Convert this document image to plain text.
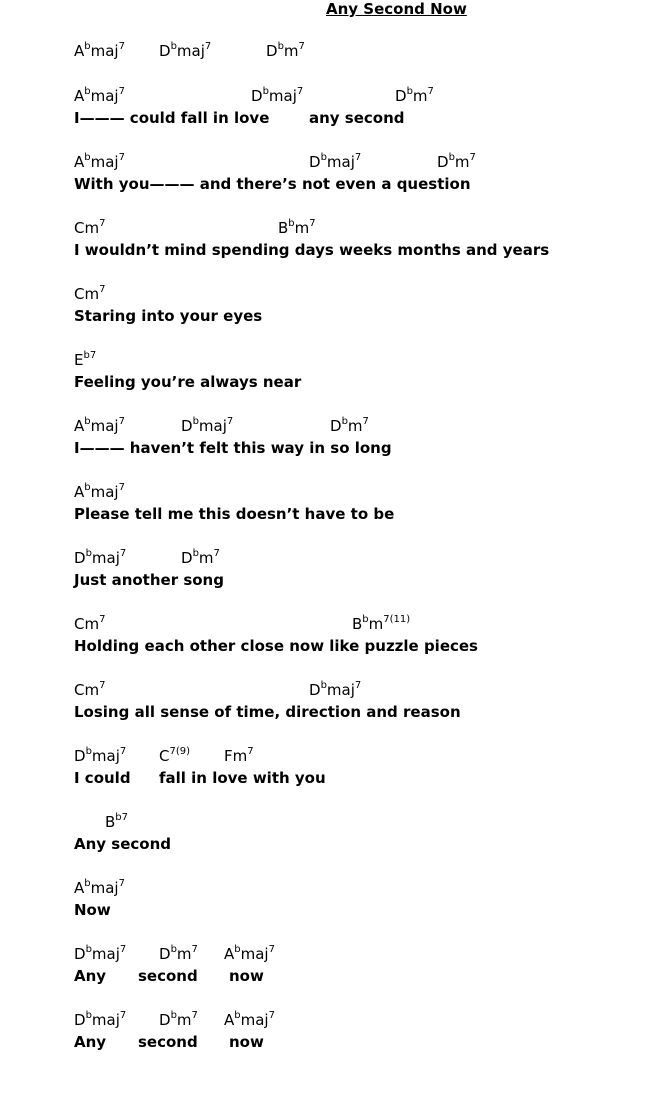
Any Second Now
$A^bmaj^7$ $D^bmaj^7$	$D^bm^7$
$A^bmaj^7$	$D^bmaj^7$	$D^bm^7$
I——— could fall in love	any second
$A^bmaj^7$	$D^bmaj^7$	$D^bm^7$
With you——— and there’s not even a question
Cm$^7$	$B^bm^7$
I wouldn’t mind spending days weeks months and years
Cm$^7$
Staring into your eyes
$E^{b7}$
Feeling you’re always near
$A^bmaj^7$	$D^bmaj^7$	$D^bm^7$
I——— haven’t felt this way in so long
$A^bmaj^7$
Please tell me this doesn’t have to be
$D^bmaj^7$	$D^bm^7$
Just another song
Cm$^7$	$B^bm^{7(11)}$
Holding each other close now like puzzle pieces
Cm$^7$	$D^bmaj^7$
Losing all sense of time, direction and reason
$D^bmaj^7$ $C^{7(9)}$ Fm$^7$
I could fall in love with you
$B^{b7}$
Any second
$A^bmaj^7$
Now
$D^bmaj^7$ $D^bm^7$ $A^bmaj^7$
Any second now
$D^bmaj^7$ $D^bm^7$ $A^bmaj^7$
Any second now
